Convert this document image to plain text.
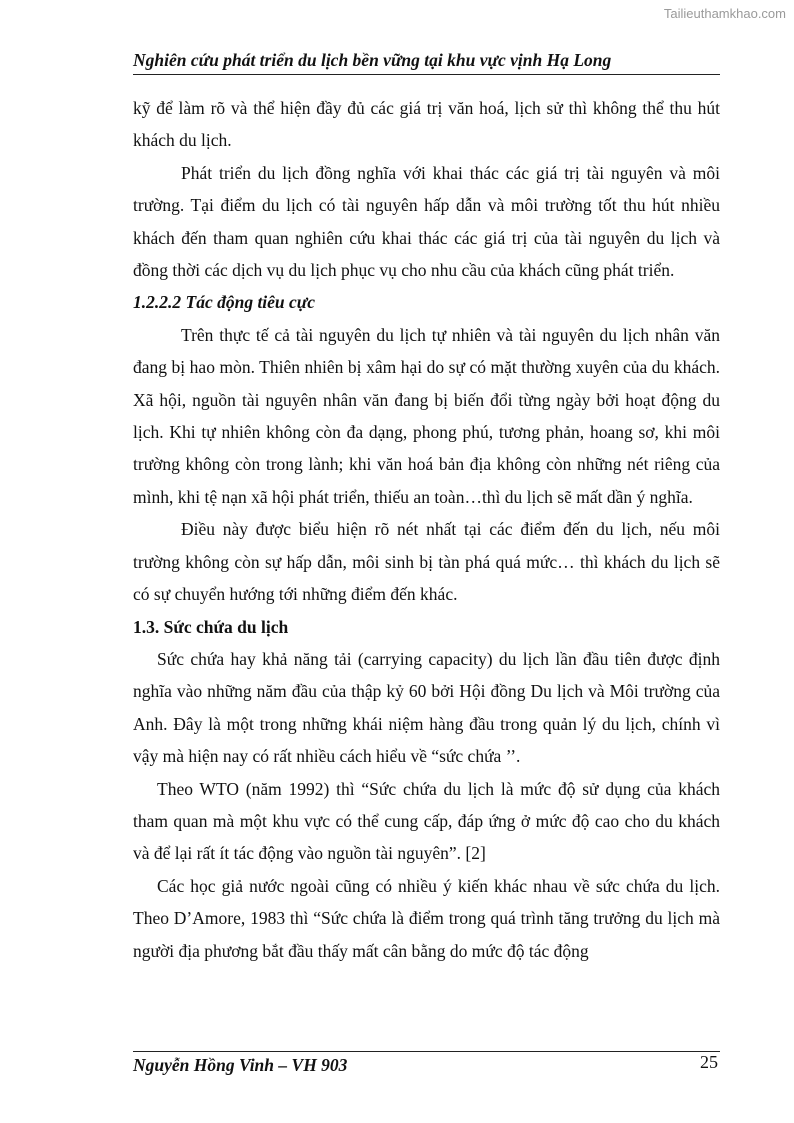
Tailieuthamkhao.com
Nghiên cứu phát triển du lịch bền vững tại khu vực vịnh Hạ Long

kỹ để làm rõ và thể hiện đầy đủ các giá trị văn hoá, lịch sử thì không thể thu hút khách du lịch.

Phát triển du lịch đồng nghĩa với khai thác các giá trị tài nguyên và môi trường. Tại điểm du lịch có tài nguyên hấp dẫn và môi trường tốt thu hút nhiều khách đến tham quan nghiên cứu khai thác các giá trị của tài nguyên du lịch và đồng thời các dịch vụ du lịch phục vụ cho nhu cầu của khách cũng phát triển.

1.2.2.2 Tác động tiêu cực

Trên thực tế cả tài nguyên du lịch tự nhiên và tài nguyên du lịch nhân văn đang bị hao mòn. Thiên nhiên bị xâm hại do sự có mặt thường xuyên của du khách. Xã hội, nguồn tài nguyên nhân văn đang bị biến đổi từng ngày bởi hoạt động du lịch. Khi tự nhiên không còn đa dạng, phong phú, tương phản, hoang sơ, khi môi trường không còn trong lành; khi văn hoá bản địa không còn những nét riêng của mình, khi tệ nạn xã hội phát triển, thiếu an toàn…thì du lịch sẽ mất dần ý nghĩa.

Điều này được biểu hiện rõ nét nhất tại các điểm đến du lịch, nếu môi trường không còn sự hấp dẫn, môi sinh bị tàn phá quá mức… thì khách du lịch sẽ có sự chuyển hướng tới những điểm đến khác.

1.3. Sức chứa du lịch

Sức chứa hay khả năng tải (carrying capacity) du lịch lần đầu tiên được định nghĩa vào những năm đầu của thập kỷ 60 bởi Hội đồng Du lịch và Môi trường của Anh. Đây là một trong những khái niệm hàng đầu trong quản lý du lịch, chính vì vậy mà hiện nay có rất nhiều cách hiểu về “sức chứa ’’.

Theo WTO (năm 1992) thì “Sức chứa du lịch là mức độ sử dụng của khách tham quan mà một khu vực có thể cung cấp, đáp ứng ở mức độ cao cho du khách và để lại rất ít tác động vào nguồn tài nguyên”. [2]

Các học giả nước ngoài cũng có nhiều ý kiến khác nhau về sức chứa du lịch. Theo D’Amore, 1983 thì “Sức chứa là điểm trong quá trình tăng trưởng du lịch mà người địa phương bắt đầu thấy mất cân bằng do mức độ tác động

Nguyễn Hồng Vinh – VH 903	25
